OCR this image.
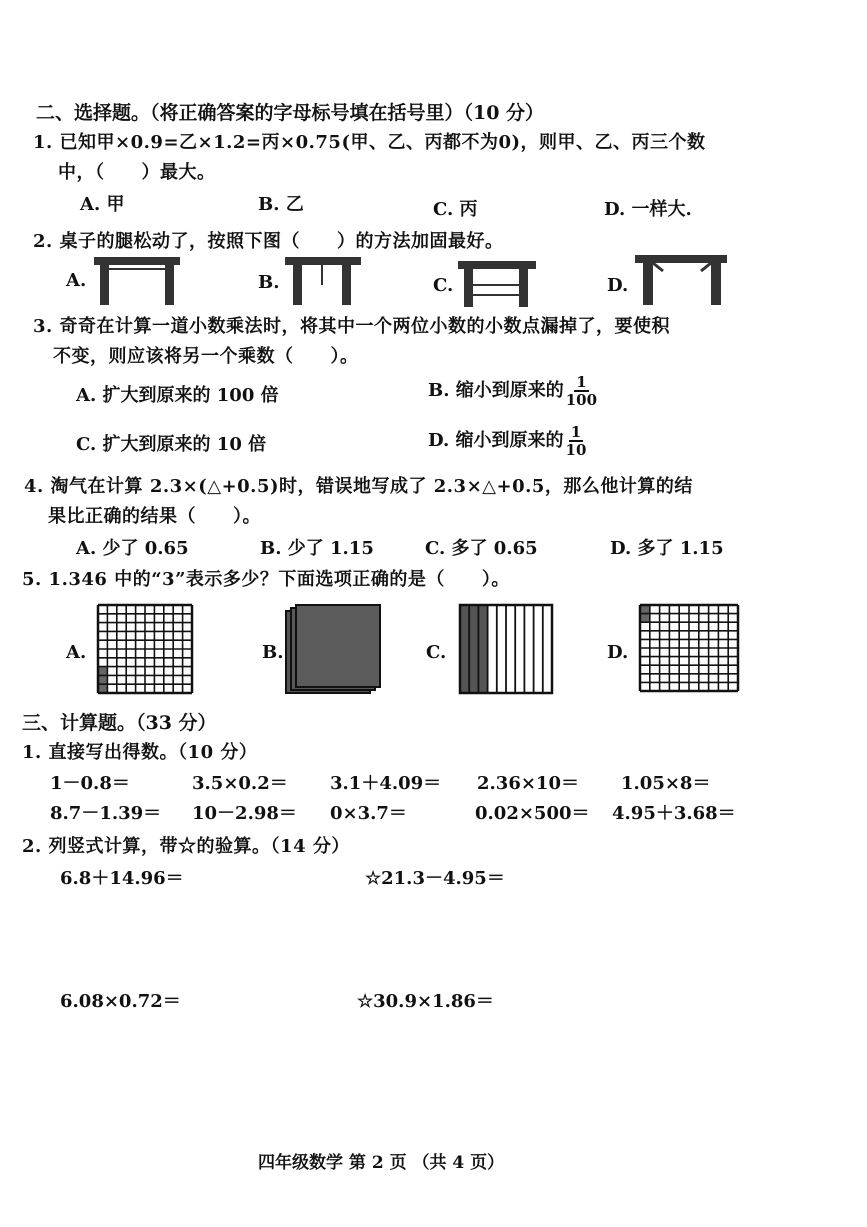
二、选择题。（将正确答案的字母标号填在括号里）（10 分）
1. 已知甲×0.9=乙×1.2=丙×0.75(甲、乙、丙都不为0)，则甲、乙、丙三个数
中，（　　）最大。
A. 甲	B. 乙	C. 丙	D. 一样大.
2. 桌子的腿松动了，按照下图（　　）的方法加固最好。
A.	B.	C.	D.
3. 奇奇在计算一道小数乘法时，将其中一个两位小数的小数点漏掉了，要使积
不变，则应该将另一个乘数（　　）。
A. 扩大到原来的 100 倍	B. 缩小到原来的 $\frac{1}{100}$
C. 扩大到原来的 10 倍	D. 缩小到原来的 $\frac{1}{10}$
4. 淘气在计算 2.3×(△+0.5)时，错误地写成了 2.3×△+0.5，那么他计算的结
果比正确的结果（　　）。
A. 少了 0.65	B. 少了 1.15	C. 多了 0.65	D. 多了 1.15
5. 1.346 中的“3”表示多少？下面选项正确的是（　　）。
A.	B.	C.	D.
三、计算题。（33 分）
1. 直接写出得数。（10 分）
1－0.8＝	3.5×0.2＝ 3.1＋4.09＝ 2.36×10＝ 1.05×8＝
8.7－1.39＝ 10－2.98＝ 0×3.7＝	0.02×500＝ 4.95＋3.68＝
2. 列竖式计算，带☆的验算。（14 分）
6.8＋14.96＝	☆21.3－4.95＝
6.08×0.72＝	☆30.9×1.86＝
四年级数学 第 2 页 （共 4 页）
